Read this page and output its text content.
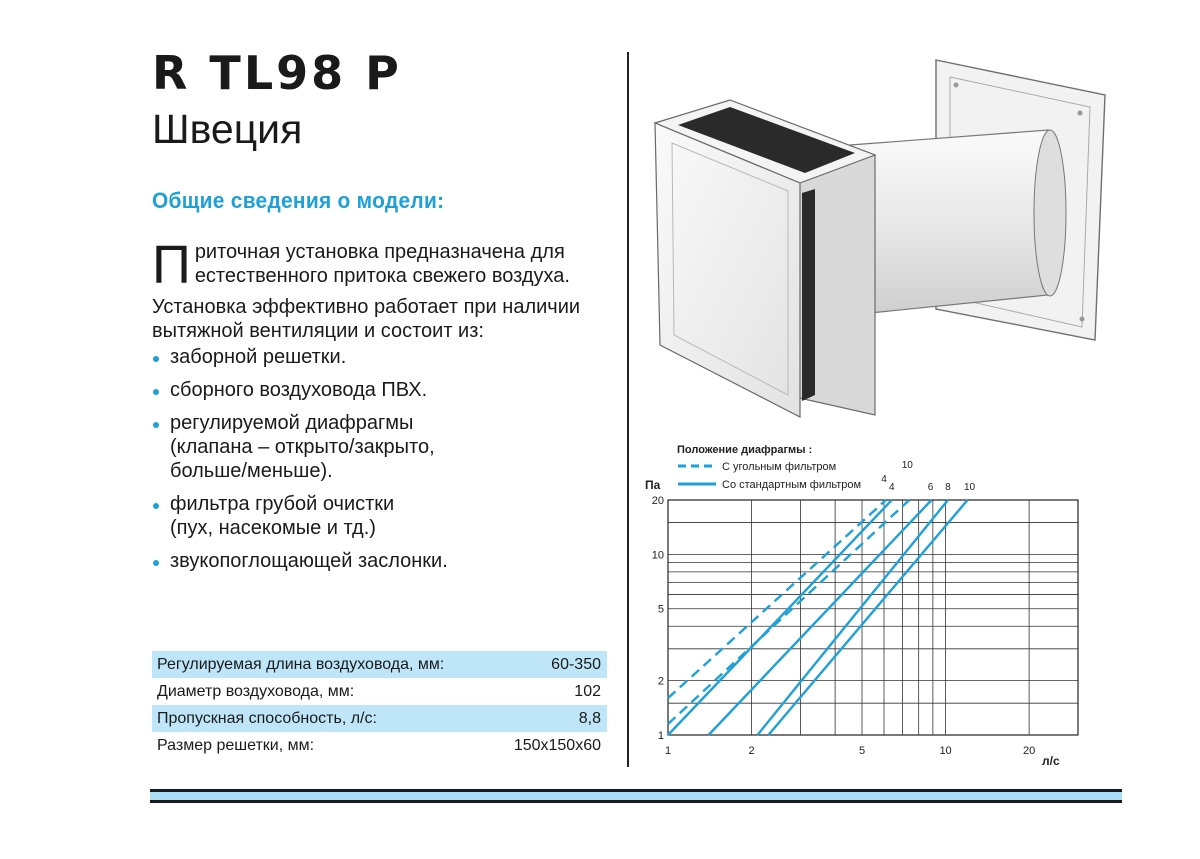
R TL98 P
Швеция
Общие сведения о модели:
Приточная установка предназначена для естественного притока свежего воздуха.
Установка эффективно работает при наличии вытяжной вентиляции и состоит из:
заборной решетки.
сборного воздуховода ПВХ.
регулируемой диафрагмы (клапана – открыто/закрыто, больше/меньше).
фильтра грубой очистки (пух, насекомые и тд.)
звукопоглощающей заслонки.
Регулируемая длина воздуховода, мм:	60-350
Диаметр воздуховода, мм:	102
Пропускная способность, л/с:	8,8
Размер решетки, мм:	150x150x60
Положение диафрагмы :
С угольным фильтром
Со стандартным фильтром
Па
л/с
1	2	5	10	20
1
2
5
10
20
4
10
4	6 8 10
